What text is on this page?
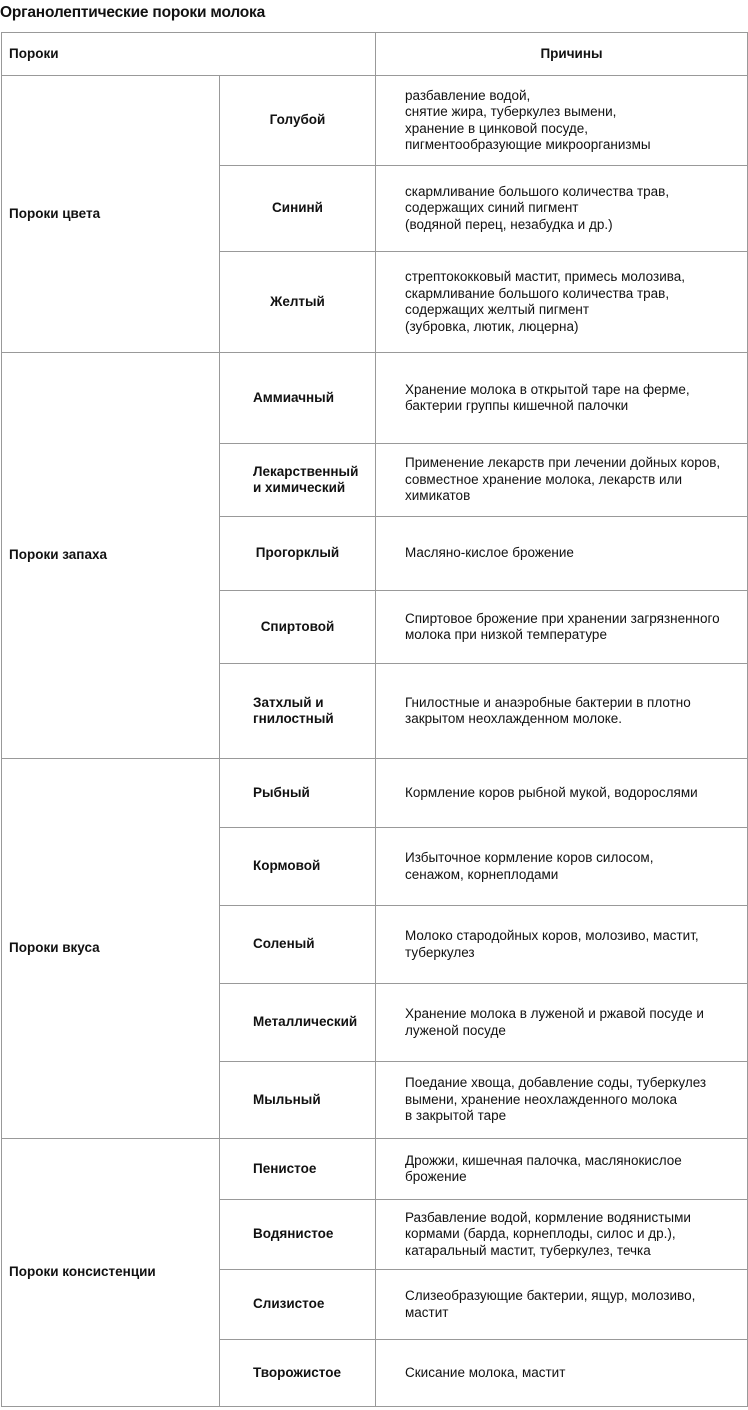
Органолептические пороки молока
Пороки		Причины
Пороки цвета	Голубой	разбавление водой,
снятие жира, туберкулез вымени,
хранение в цинковой посуде,
пигментообразующие микроорганизмы
	Сининй	скармливание большого количества трав,
содержащих синий пигмент
(водяной перец, незабудка и др.)
	Желтый	стрептококковый мастит, примесь молозива,
скармливание большого количества трав,
содержащих желтый пигмент
(зубровка, лютик, люцерна)
Пороки запаха	Аммиачный	Хранение молока в открытой таре на ферме,
бактерии группы кишечной палочки
	Лекарственный
и химический	Применение лекарств при лечении дойных коров,
совместное хранение молока, лекарств или
химикатов
	Прогорклый	Масляно-кислое брожение
	Спиртовой	Спиртовое брожение при хранении загрязненного
молока при низкой температуре
	Затхлый и
гнилостный	Гнилостные и анаэробные бактерии в плотно
закрытом неохлажденном молоке.
Пороки вкуса	Рыбный	Кормление коров рыбной мукой, водорослями
	Кормовой	Избыточное кормление коров силосом,
сенажом, корнеплодами
	Соленый	Молоко стародойных коров, молозиво, мастит,
туберкулез
	Металлический	Хранение молока в луженой и ржавой посуде и
луженой посуде
	Мыльный	Поедание хвоща, добавление соды, туберкулез
вымени, хранение неохлажденного молока
в закрытой таре
Пороки консистенции	Пенистое	Дрожжи, кишечная палочка, маслянокислое
брожение
	Водянистое	Разбавление водой, кормление водянистыми
кормами (барда, корнеплоды, силос и др.),
катаральный мастит, туберкулез, течка
	Слизистое	Слизеобразующие бактерии, ящур, молозиво,
мастит
	Творожистое	Скисание молока, мастит
